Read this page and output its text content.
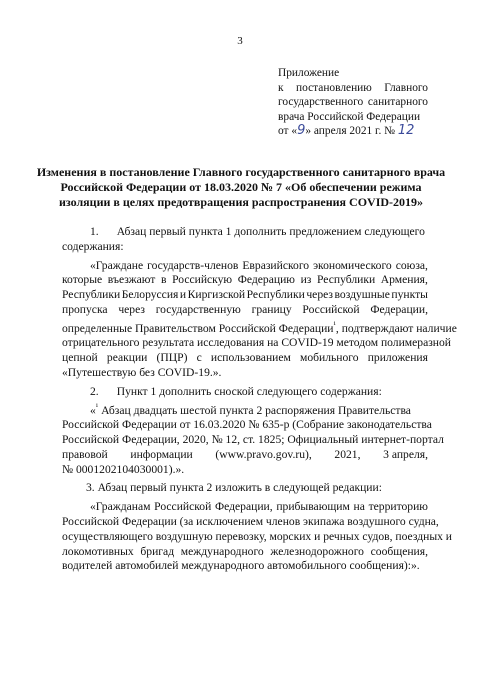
3
Приложение
к постановлению Главного
государственного санитарного
врача Российской Федерации
от «9» апреля 2021 г. № 12
Изменения в постановление Главного государственного санитарного врача
Российской Федерации от 18.03.2020 № 7 «Об обеспечении режима
изоляции в целях предотвращения распространения COVID-2019»
1. Абзац первый пункта 1 дополнить предложением следующего
содержания:
«Граждане государств-членов Евразийского экономического союза,
которые въезжают в Российскую Федерацию из Республики Армения,
Республики Белоруссия и Киргизской Республики через воздушные пункты
пропуска через государственную границу Российской Федерации,
определенные Правительством Российской Федерации$^{^1}$, подтверждают наличие
отрицательного результата исследования на COVID-19 методом полимеразной
цепной реакции (ПЦР) с использованием мобильного приложения
«Путешествую без COVID-19.».
2. Пункт 1 дополнить сноской следующего содержания:
«$^{^1}$ Абзац двадцать шестой пункта 2 распоряжения Правительства
Российской Федерации от 16.03.2020 № 635-р (Собрание законодательства
Российской Федерации, 2020, № 12, ст. 1825; Официальный интернет-портал
правовой информации (www.pravo.gov.ru), 2021, 3 апреля,
№ 0001202104030001).».
3. Абзац первый пункта 2 изложить в следующей редакции:
«Гражданам Российской Федерации, прибывающим на территорию
Российской Федерации (за исключением членов экипажа воздушного судна,
осуществляющего воздушную перевозку, морских и речных судов, поездных и
локомотивных бригад международного железнодорожного сообщения,
водителей автомобилей международного автомобильного сообщения):».
